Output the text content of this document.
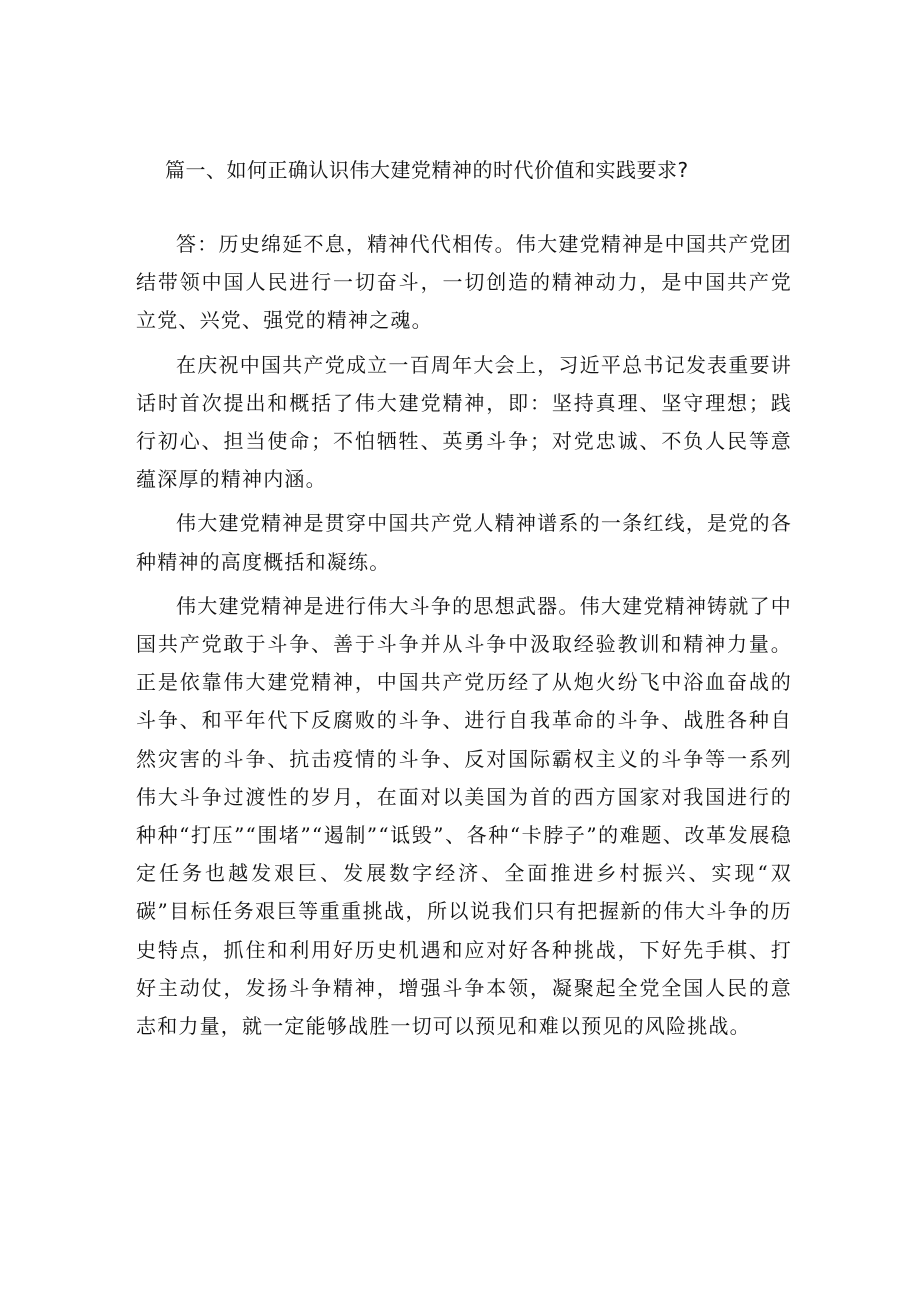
篇一、如何正确认识伟大建党精神的时代价值和实践要求?

答：历史绵延不息，精神代代相传。伟大建党精神是中国共产党团结带领中国人民进行一切奋斗，一切创造的精神动力，是中国共产党立党、兴党、强党的精神之魂。

在庆祝中国共产党成立一百周年大会上，习近平总书记发表重要讲话时首次提出和概括了伟大建党精神，即：坚持真理、坚守理想；践行初心、担当使命；不怕牺牲、英勇斗争；对党忠诚、不负人民等意蕴深厚的精神内涵。

伟大建党精神是贯穿中国共产党人精神谱系的一条红线，是党的各种精神的高度概括和凝练。

伟大建党精神是进行伟大斗争的思想武器。伟大建党精神铸就了中国共产党敢于斗争、善于斗争并从斗争中汲取经验教训和精神力量。正是依靠伟大建党精神，中国共产党历经了从炮火纷飞中浴血奋战的斗争、和平年代下反腐败的斗争、进行自我革命的斗争、战胜各种自然灾害的斗争、抗击疫情的斗争、反对国际霸权主义的斗争等一系列伟大斗争过渡性的岁月，在面对以美国为首的西方国家对我国进行的种种“打压”“围堵”“遏制”“诋毁”、各种“卡脖子”的难题、改革发展稳定任务也越发艰巨、发展数字经济、全面推进乡村振兴、实现“双碳”目标任务艰巨等重重挑战，所以说我们只有把握新的伟大斗争的历史特点，抓住和利用好历史机遇和应对好各种挑战，下好先手棋、打好主动仗，发扬斗争精神，增强斗争本领，凝聚起全党全国人民的意志和力量，就一定能够战胜一切可以预见和难以预见的风险挑战。
